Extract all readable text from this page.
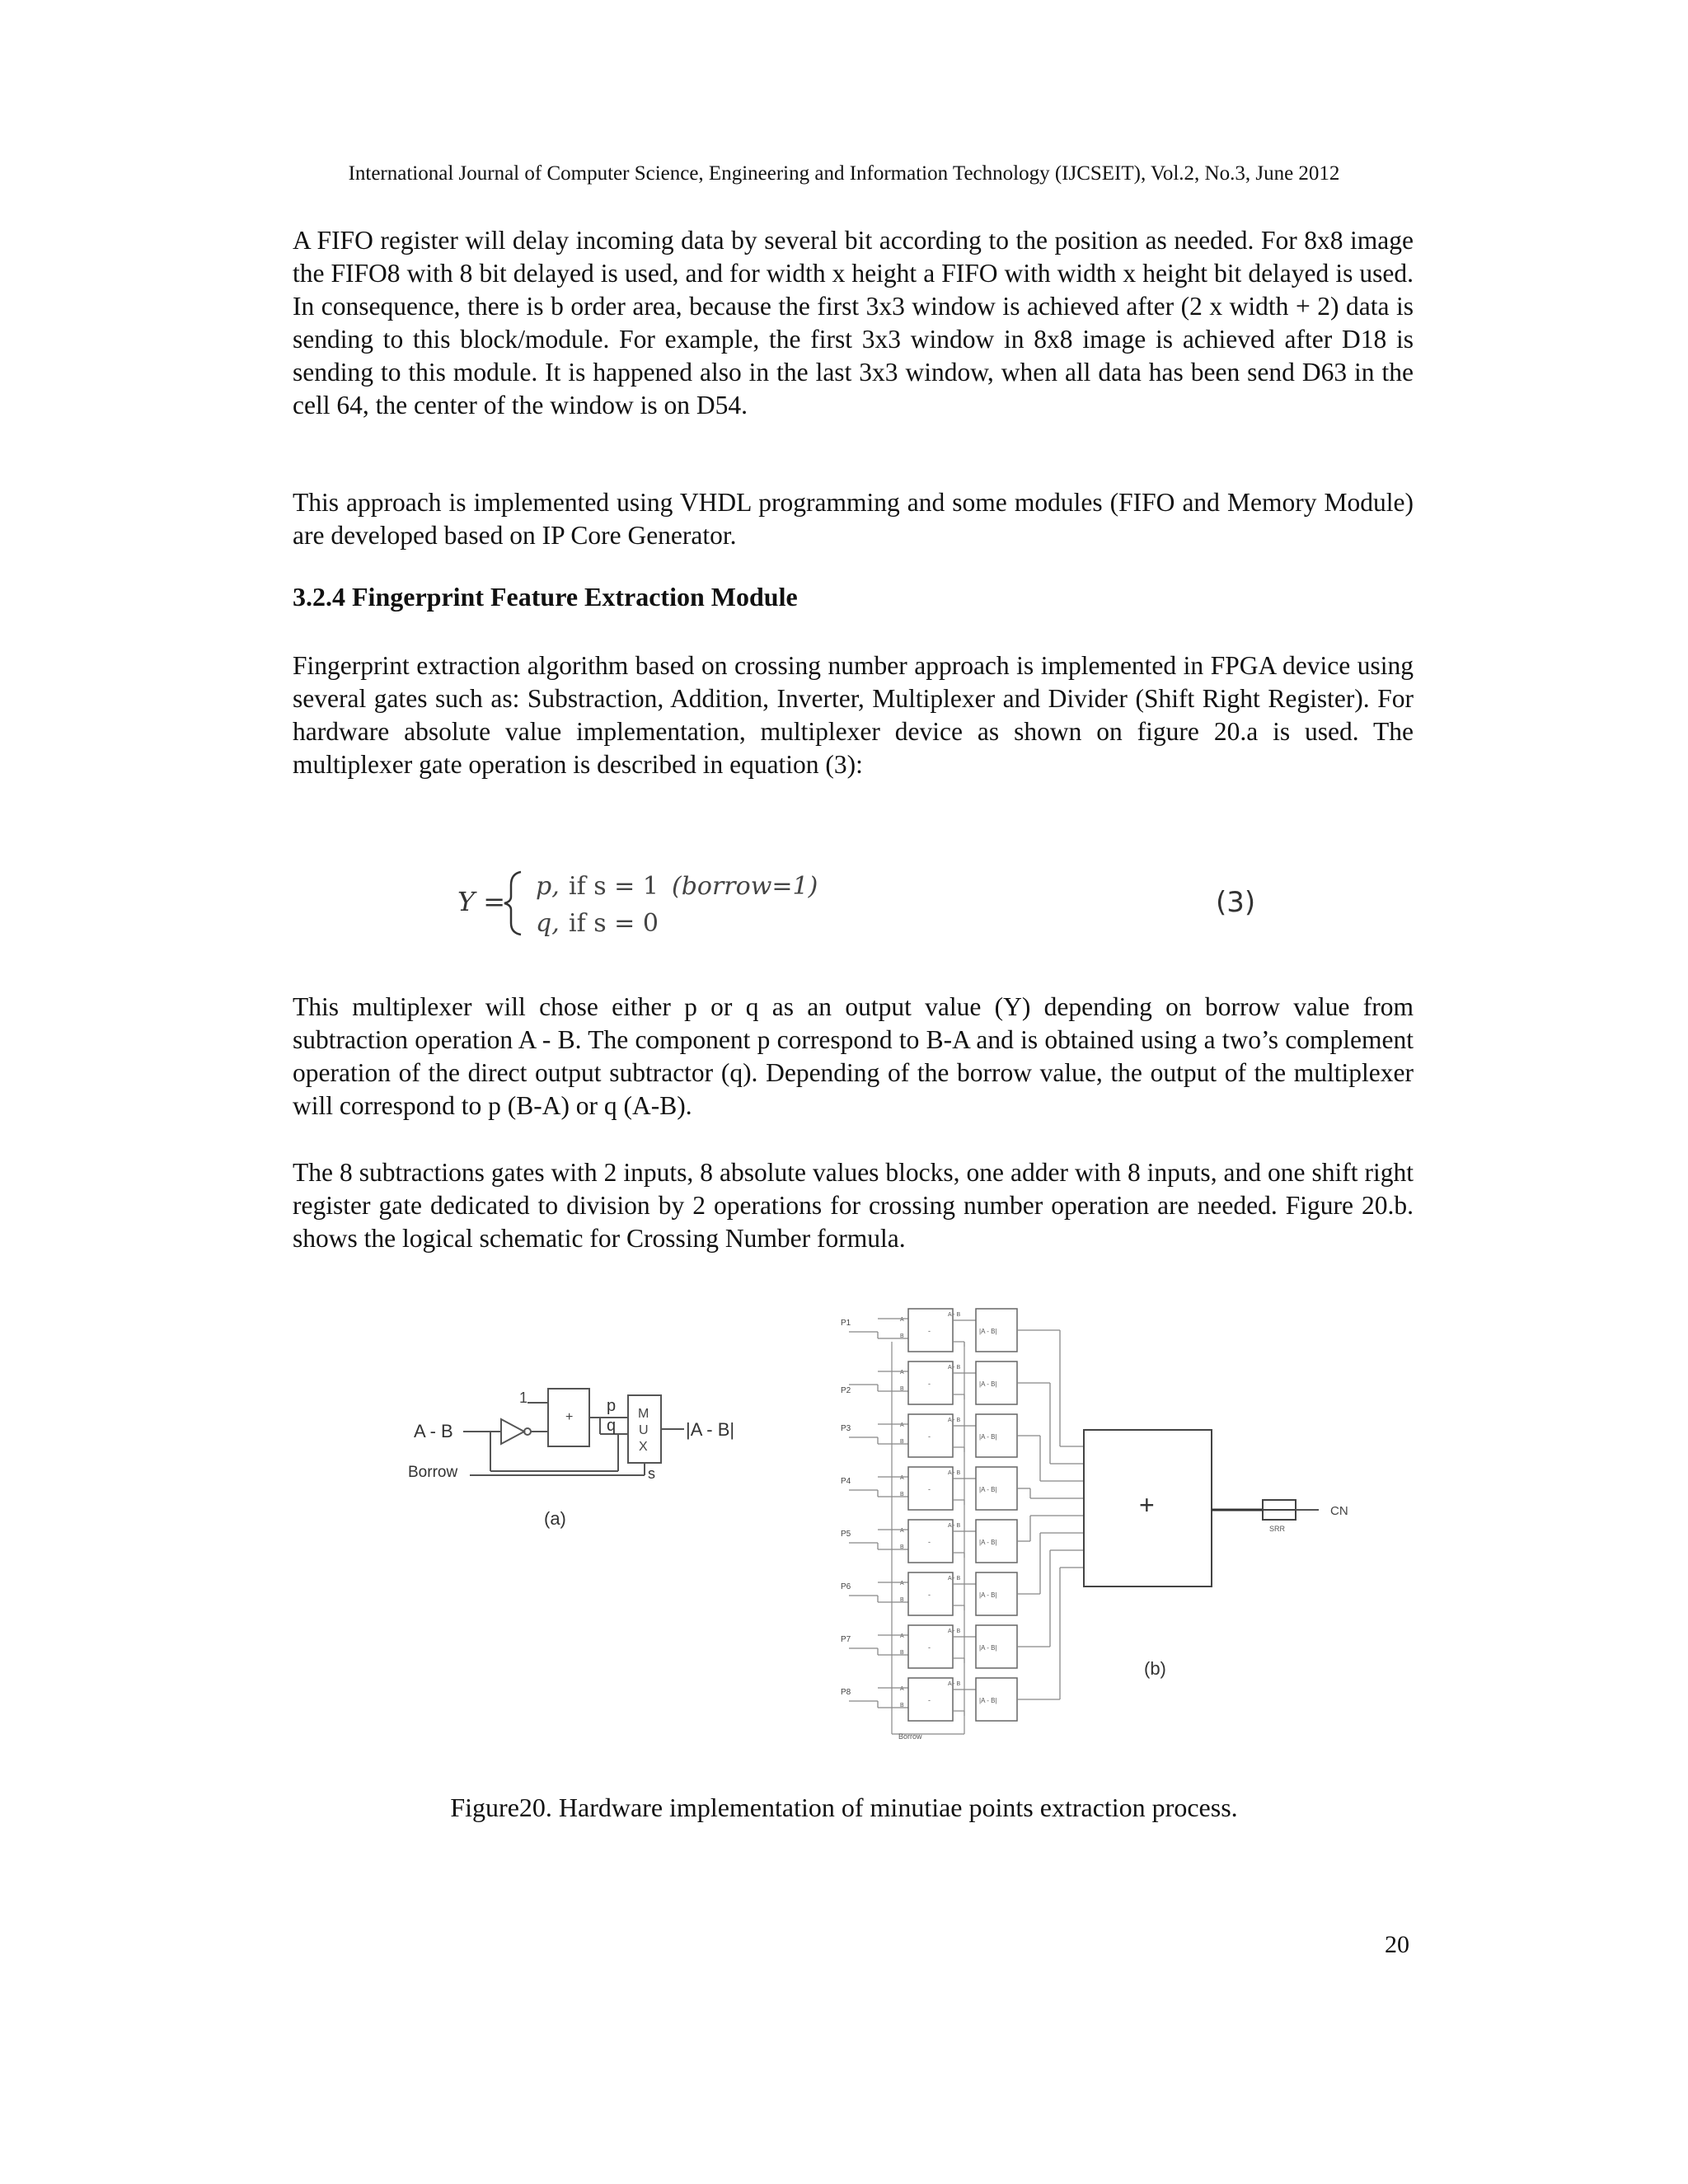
International Journal of Computer Science, Engineering and Information Technology (IJCSEIT), Vol.2, No.3, June 2012
A FIFO register will delay incoming data by several bit according to the position as needed. For 8x8 image the FIFO8 with 8 bit delayed is used, and for width x height a FIFO with width x height bit delayed is used. In consequence, there is b order area, because the first 3x3 window is achieved after (2 x width + 2) data is sending to this block/module. For example, the first 3x3 window in 8x8 image is achieved after D18 is sending to this module. It is happened also in the last 3x3 window, when all data has been send D63 in the cell 64, the center of the window is on D54.
This approach is implemented using VHDL programming and some modules (FIFO and Memory Module) are developed based on IP Core Generator.
3.2.4 Fingerprint Feature Extraction Module
Fingerprint extraction algorithm based on crossing number approach is implemented in FPGA device using several gates such as: Substraction, Addition, Inverter, Multiplexer and Divider (Shift Right Register). For hardware absolute value implementation, multiplexer device as shown on figure 20.a is used. The multiplexer gate operation is described in equation (3):
Y = p, if s = 1 (borrow=1)
q, if s = 0
(3)
This multiplexer will chose either p or q as an output value (Y) depending on borrow value from subtraction operation A - B. The component p correspond to B-A and is obtained using a two’s complement operation of the direct output subtractor (q). Depending of the borrow value, the output of the multiplexer will correspond to p (B-A) or q (A-B).
The 8 subtractions gates with 2 inputs, 8 absolute values blocks, one adder with 8 inputs, and one shift right register gate dedicated to division by 2 operations for crossing number operation are needed. Figure 20.b. shows the logical schematic for Crossing Number formula.
A - B
+
1	p
q
M
U
X
|A - B|
Borrow	s
(a)
P1	A
B
-
A - B
|A - B|
P2
A
B
-
A - B
|A - B|
P3	A
B
-
A - B
|A - B|
P4	A
B
-
A - B
|A - B|
P5	A
B
-
A - B
|A - B|
P6	A
B
-
A - B
|A - B|
P7	A
B
-
A - B
|A - B|
P8	A
B
-
A - B
|A - B|
+
SRR
CN
Borrow
(b)
Figure20. Hardware implementation of minutiae points extraction process.
20
